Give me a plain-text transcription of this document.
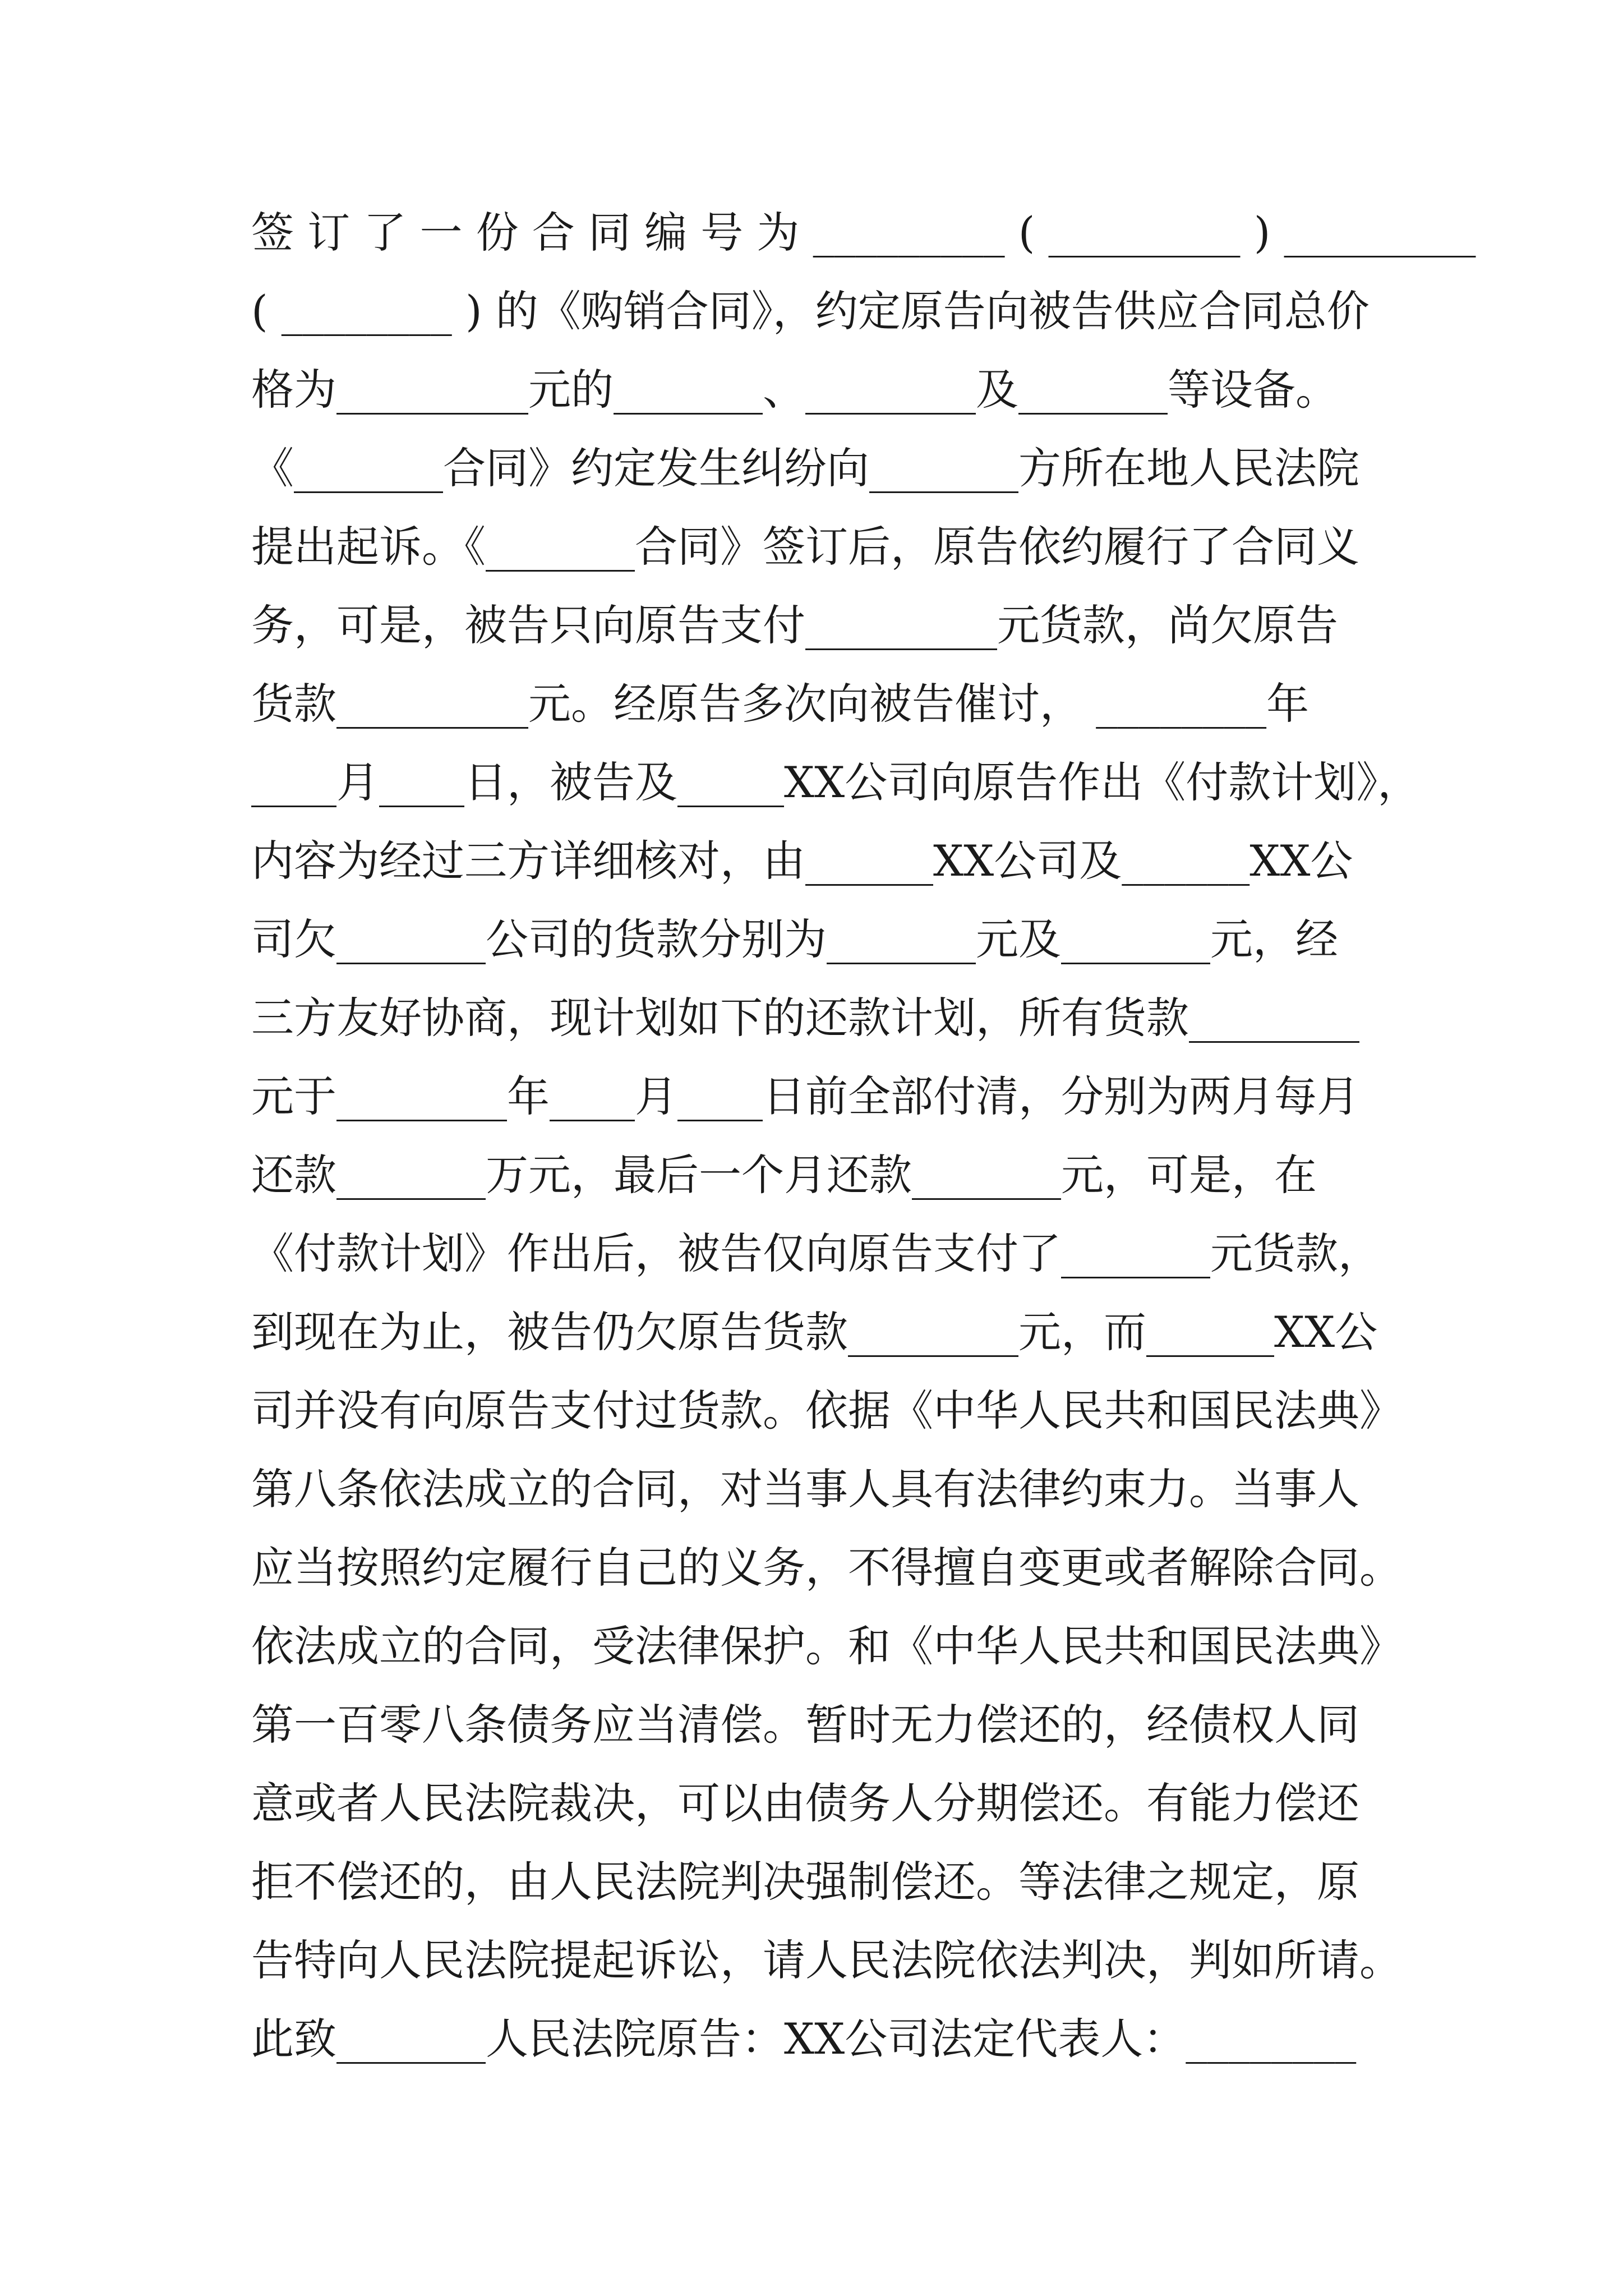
签 订 了 一 份 合 同 编 号 为 _________ ( _________ ) _________
( ________ ) 的《购销合同》，约定原告向被告供应合同总价
格为_________元的_______、________及_______等设备。
《_______合同》约定发生纠纷向_______方所在地人民法院
提出起诉。《_______合同》签订后，原告依约履行了合同义
务，可是，被告只向原告支付_________元货款，尚欠原告
货款_________元。经原告多次向被告催讨， ________年
____月____日，被告及_____XX公司向原告作出《付款计划》，
内容为经过三方详细核对，由______XX公司及______XX公
司欠_______公司的货款分别为_______元及_______元，经
三方友好协商，现计划如下的还款计划，所有货款________
元于________年____月____日前全部付清，分别为两月每月
还款_______万元，最后一个月还款_______元，可是，在
《付款计划》作出后，被告仅向原告支付了_______元货款，
到现在为止，被告仍欠原告货款________元，而______XX公
司并没有向原告支付过货款。依据《中华人民共和国民法典》
第八条依法成立的合同，对当事人具有法律约束力。当事人
应当按照约定履行自己的义务，不得擅自变更或者解除合同。
依法成立的合同，受法律保护。和《中华人民共和国民法典》
第一百零八条债务应当清偿。暂时无力偿还的，经债权人同
意或者人民法院裁决，可以由债务人分期偿还。有能力偿还
拒不偿还的，由人民法院判决强制偿还。等法律之规定，原
告特向人民法院提起诉讼，请人民法院依法判决，判如所请。
此致_______人民法院原告：XX公司法定代表人：________
